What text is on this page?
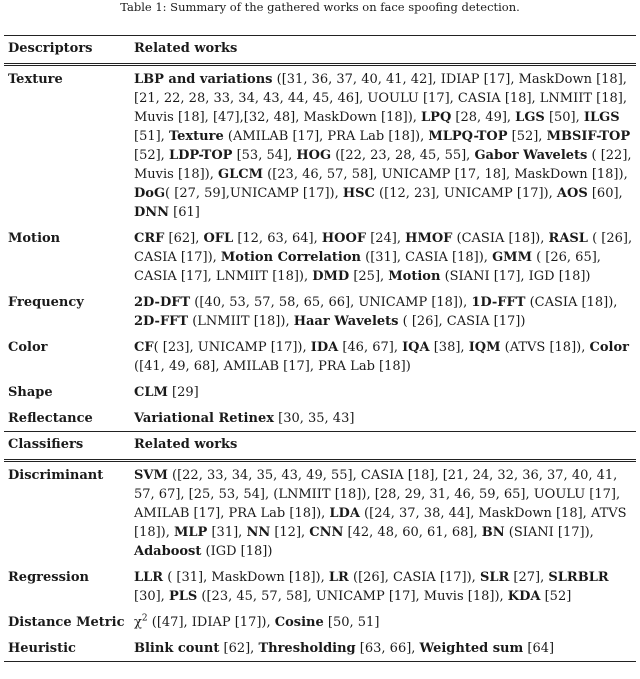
Table 1: Summary of the gathered works on face spoofing detection.
Descriptors	Related works
Texture	LBP and variations ([31, 36, 37, 40, 41, 42], IDIAP [17], MaskDown [18], [21, 22, 28, 33, 34, 43, 44, 45, 46], UOULU [17], CASIA [18], LNMIIT [18], Muvis [18], [47],[32, 48], MaskDown [18]), LPQ [28, 49], LGS [50], ILGS [51], Texture (AMILAB [17], PRA Lab [18]), MLPQ-TOP [52], MBSIF-TOP [52], LDP-TOP [53, 54], HOG ([22, 23, 28, 45, 55], Gabor Wavelets ( [22], Muvis [18]), GLCM ([23, 46, 57, 58], UNICAMP [17, 18], MaskDown [18]), DoG( [27, 59],UNICAMP [17]), HSC ([12, 23], UNICAMP [17]), AOS [60], DNN [61]
Motion	CRF [62], OFL [12, 63, 64], HOOF [24], HMOF (CASIA [18]), RASL ( [26], CASIA [17]), Motion Correlation ([31], CASIA [18]), GMM ( [26, 65], CASIA [17], LNMIIT [18]), DMD [25], Motion (SIANI [17], IGD [18])
Frequency	2D-DFT ([40, 53, 57, 58, 65, 66], UNICAMP [18]), 1D-FFT (CASIA [18]), 2D-FFT (LNMIIT [18]), Haar Wavelets ( [26], CASIA [17])
Color	CF( [23], UNICAMP [17]), IDA [46, 67], IQA [38], IQM (ATVS [18]), Color ([41, 49, 68], AMILAB [17], PRA Lab [18])
Shape	CLM [29]
Reflectance	Variational Retinex [30, 35, 43]
Classifiers	Related works
Discriminant	SVM ([22, 33, 34, 35, 43, 49, 55], CASIA [18], [21, 24, 32, 36, 37, 40, 41, 57, 67], [25, 53, 54], (LNMIIT [18]), [28, 29, 31, 46, 59, 65], UOULU [17], AMILAB [17], PRA Lab [18]), LDA ([24, 37, 38, 44], MaskDown [18], ATVS [18]), MLP [31], NN [12], CNN [42, 48, 60, 61, 68], BN (SIANI [17]), Adaboost (IGD [18])
Regression	LLR ( [31], MaskDown [18]), LR ([26], CASIA [17]), SLR [27], SLRBLR [30], PLS ([23, 45, 57, 58], UNICAMP [17], Muvis [18]), KDA [52]
Distance Metric	$\chi^2$ ([47], IDIAP [17]), Cosine [50, 51]
Heuristic	Blink count [62], Thresholding [63, 66], Weighted sum [64]
